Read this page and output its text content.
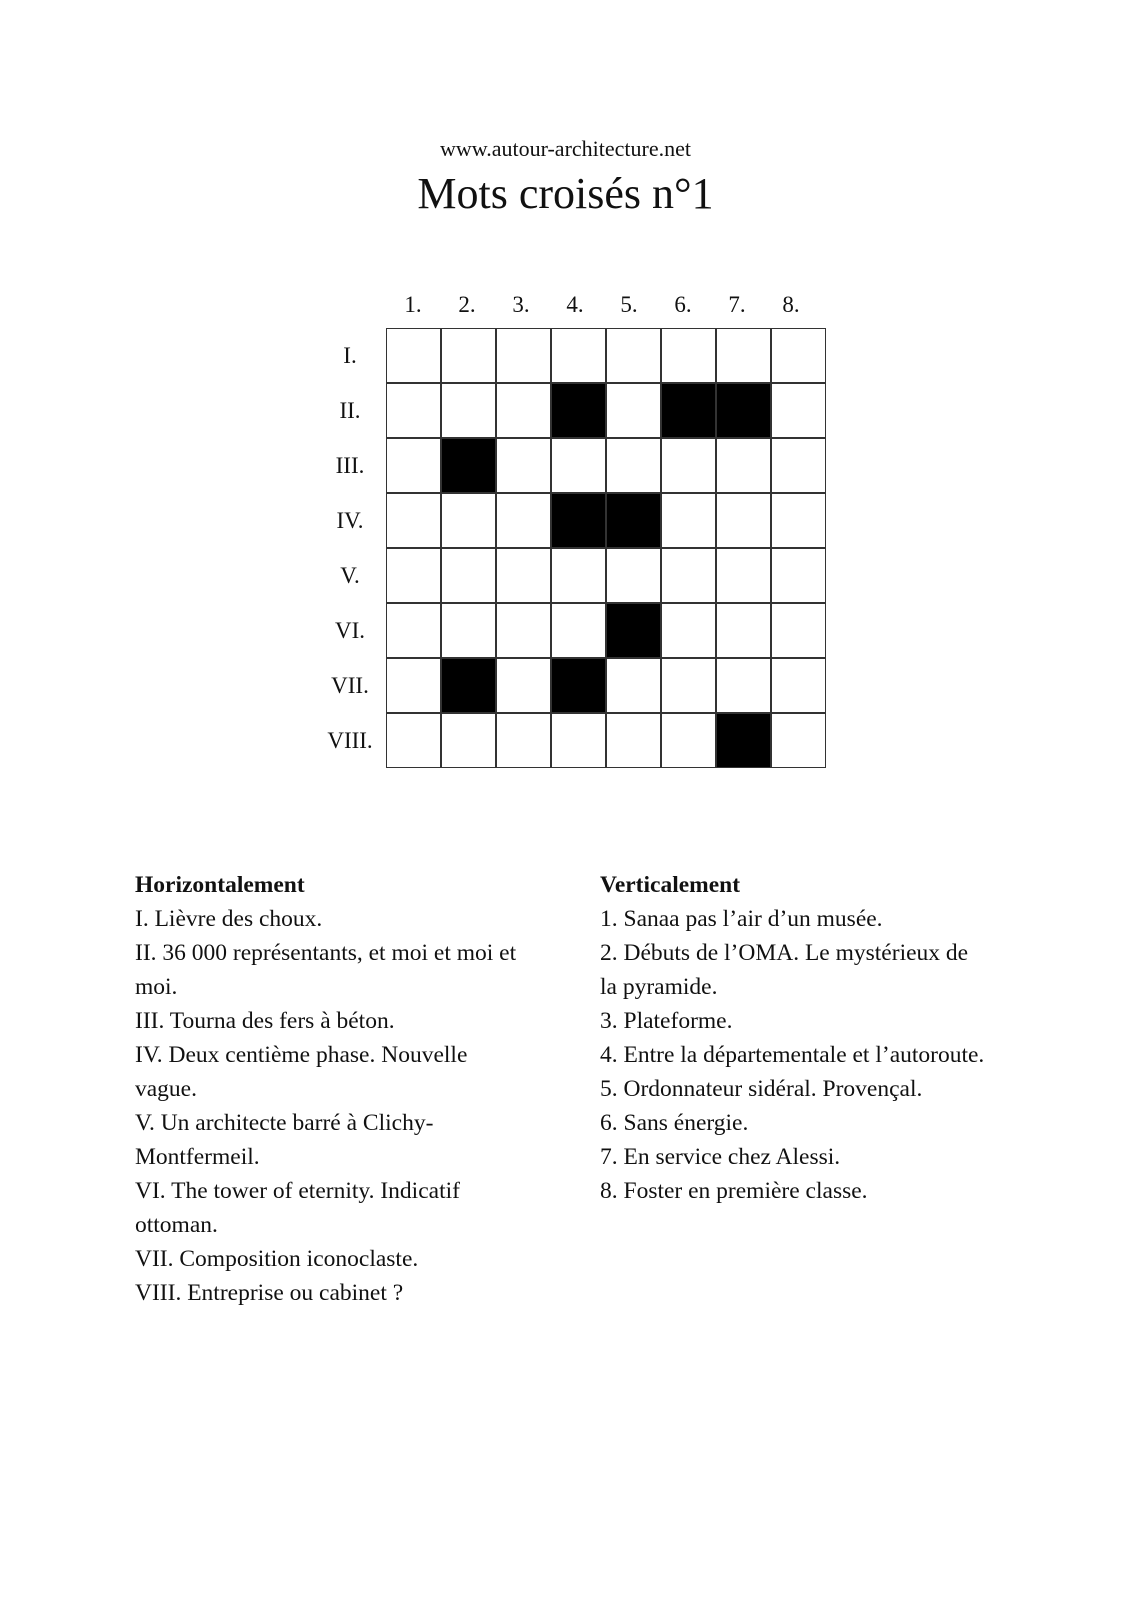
www.autour-architecture.net
Mots croisés n°1
1.	2.	3.	4.	5.	6.	7.	8.
I.
II.
III.
IV.
V.
VI.
VII.
VIII.
Horizontalement

I. Lièvre des choux.

II. 36 000 représentants, et moi et moi et moi.

III. Tourna des fers à béton.

IV. Deux centième phase. Nouvelle vague.

V. Un architecte barré à Clichy-Montfermeil.

VI. The tower of eternity. Indicatif ottoman.

VII. Composition iconoclaste.

VIII. Entreprise ou cabinet ?

Verticalement

1. Sanaa pas l’air d’un musée.

2. Débuts de l’OMA. Le mystérieux de la pyramide.

3. Plateforme.

4. Entre la départementale et l’autoroute.

5. Ordonnateur sidéral. Provençal.

6. Sans énergie.

7. En service chez Alessi.

8. Foster en première classe.
